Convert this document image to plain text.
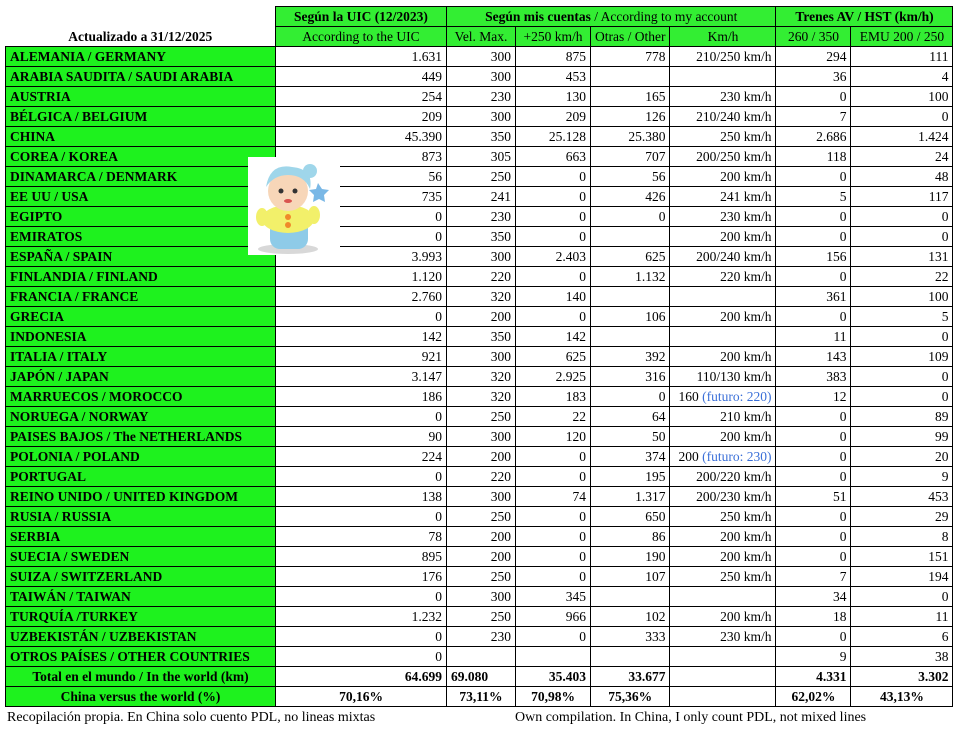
Actualizado a 31/12/2025	Según la UIC (12/2023)	Según mis cuentas / According to my account				Trenes AV / HST (km/h)	
	According to the UIC	Vel. Max.	+250 km/h	Otras / Other	Km/h	260 / 350	EMU 200 / 250
ALEMANIA / GERMANY	1.631	300	875	778	210/250 km/h	294	111
ARABIA SAUDITA / SAUDI ARABIA	449	300	453			36	4
AUSTRIA	254	230	130	165	230 km/h	0	100
BÉLGICA / BELGIUM	209	300	209	126	210/240 km/h	7	0
CHINA	45.390	350	25.128	25.380	250 km/h	2.686	1.424
COREA / KOREA	873	305	663	707	200/250 km/h	118	24
DINAMARCA / DENMARK	56	250	0	56	200 km/h	0	48
EE UU / USA	735	241	0	426	241 km/h	5	117
EGIPTO	0	230	0	0	230 km/h	0	0
EMIRATOS	0	350	0		200 km/h	0	0
ESPAÑA / SPAIN	3.993	300	2.403	625	200/240 km/h	156	131
FINLANDIA / FINLAND	1.120	220	0	1.132	220 km/h	0	22
FRANCIA / FRANCE	2.760	320	140			361	100
GRECIA	0	200	0	106	200 km/h	0	5
INDONESIA	142	350	142			11	0
ITALIA / ITALY	921	300	625	392	200 km/h	143	109
JAPÓN / JAPAN	3.147	320	2.925	316	110/130 km/h	383	0
MARRUECOS / MOROCCO	186	320	183	0	160 (futuro: 220)	12	0
NORUEGA / NORWAY	0	250	22	64	210 km/h	0	89
PAISES BAJOS / The NETHERLANDS	90	300	120	50	200 km/h	0	99
POLONIA / POLAND	224	200	0	374	200 (futuro: 230)	0	20
PORTUGAL	0	220	0	195	200/220 km/h	0	9
REINO UNIDO / UNITED KINGDOM	138	300	74	1.317	200/230 km/h	51	453
RUSIA / RUSSIA	0	250	0	650	250 km/h	0	29
SERBIA	78	200	0	86	200 km/h	0	8
SUECIA / SWEDEN	895	200	0	190	200 km/h	0	151
SUIZA / SWITZERLAND	176	250	0	107	250 km/h	7	194
TAIWÁN / TAIWAN	0	300	345			34	0
TURQUÍA /TURKEY	1.232	250	966	102	200 km/h	18	11
UZBEKISTÁN / UZBEKISTAN	0	230	0	333	230 km/h	0	6
OTROS PAÍSES / OTHER COUNTRIES	0					9	38
Total en el mundo / In the world (km)	64.699	69.080	35.403	33.677		4.331	3.302
China versus the world (%)	70,16%	73,11%	70,98%	75,36%		62,02%	43,13%
Recopilación propia. En China solo cuento PDL, no lineas mixtas	Own compilation. In China, I only count PDL, not mixed lines
